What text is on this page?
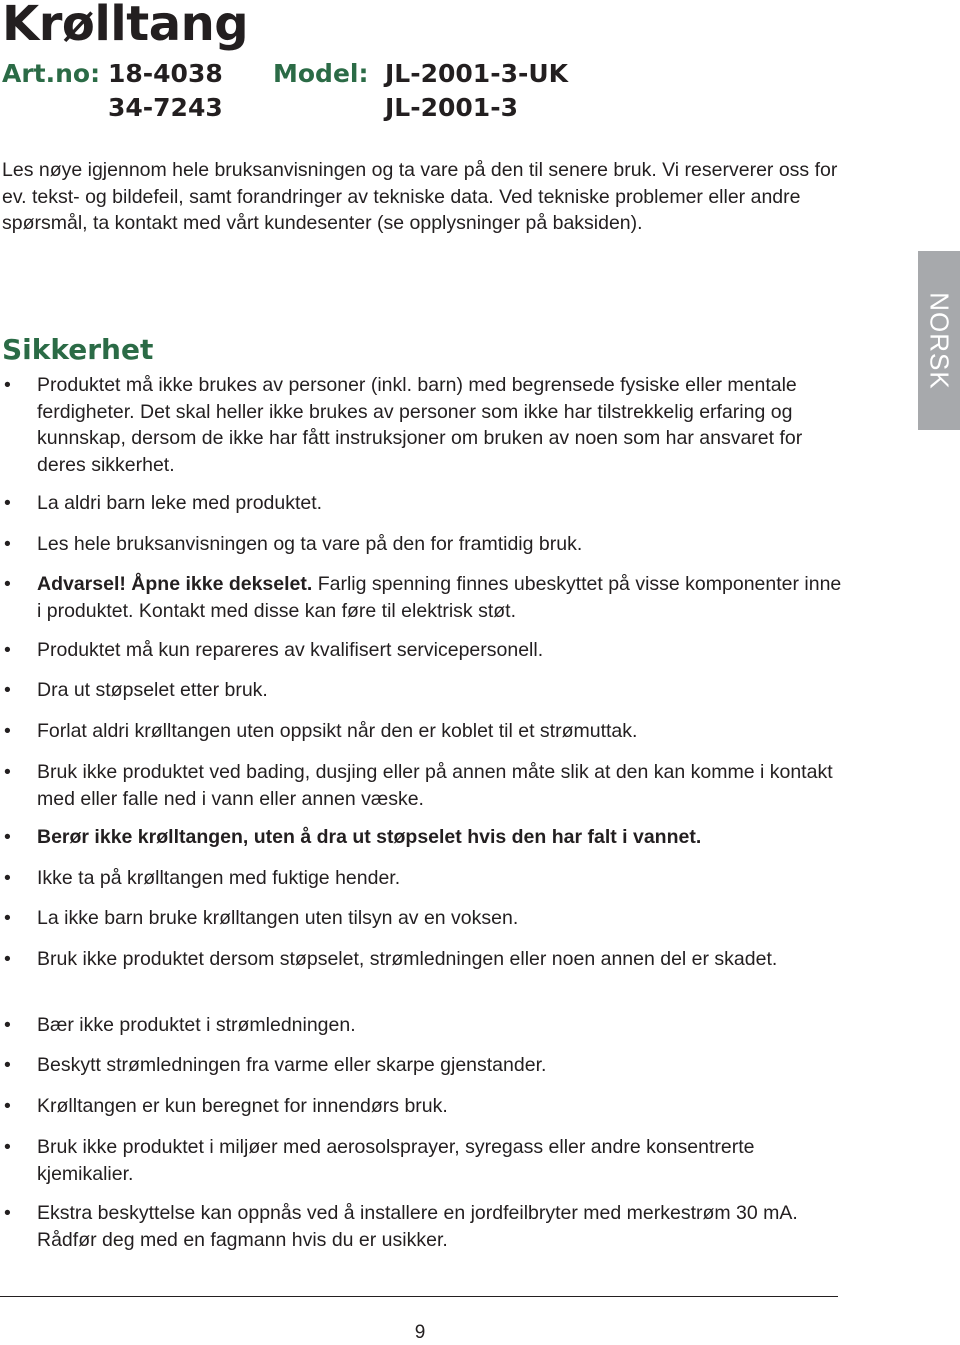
Krølltang
Art.no: 18-4038
34-7243
Model: JL-2001-3-UK
JL-2001-3

Les nøye igjennom hele bruksanvisningen og ta vare på den til senere bruk. Vi reserverer oss for ev. tekst- og bildefeil, samt forandringer av tekniske data. Ved tekniske problemer eller andre spørsmål, ta kontakt med vårt kundesenter (se opplysninger på baksiden).

Sikkerhet
• Produktet må ikke brukes av personer (inkl. barn) med begrensede fysiske eller mentale ferdigheter. Det skal heller ikke brukes av personer som ikke har tilstrekkelig erfaring og kunnskap, dersom de ikke har fått instruksjoner om bruken av noen som har ansvaret for deres sikkerhet.
• La aldri barn leke med produktet.
• Les hele bruksanvisningen og ta vare på den for framtidig bruk.
• Advarsel! Åpne ikke dekselet. Farlig spenning finnes ubeskyttet på visse komponenter inne i produktet. Kontakt med disse kan føre til elektrisk støt.
• Produktet må kun repareres av kvalifisert servicepersonell.
• Dra ut støpselet etter bruk.
• Forlat aldri krølltangen uten oppsikt når den er koblet til et strømuttak.
• Bruk ikke produktet ved bading, dusjing eller på annen måte slik at den kan komme i kontakt med eller falle ned i vann eller annen væske.
• Berør ikke krølltangen, uten å dra ut støpselet hvis den har falt i vannet.
• Ikke ta på krølltangen med fuktige hender.
• La ikke barn bruke krølltangen uten tilsyn av en voksen.
• Bruk ikke produktet dersom støpselet, strømledningen eller noen annen del er skadet.
• Bær ikke produktet i strømledningen.
• Beskytt strømledningen fra varme eller skarpe gjenstander.
• Krølltangen er kun beregnet for innendørs bruk.
• Bruk ikke produktet i miljøer med aerosolsprayer, syregass eller andre konsentrerte kjemikalier.
• Ekstra beskyttelse kan oppnås ved å installere en jordfeilbryter med merkestrøm 30 mA. Rådfør deg med en fagmann hvis du er usikker.
NORSK
9
